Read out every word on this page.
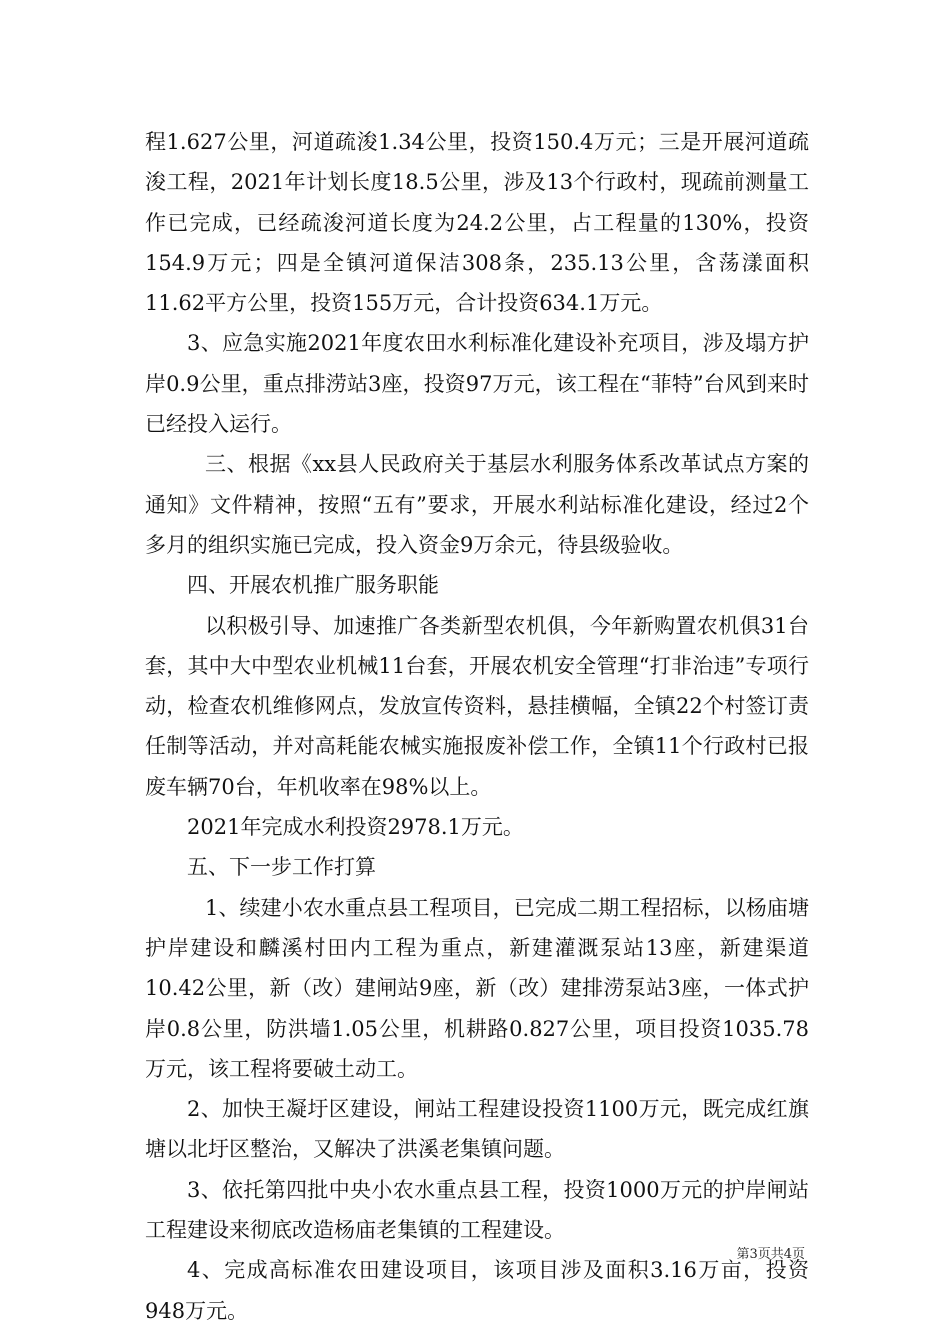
程1.627公里，河道疏浚1.34公里，投资150.4万元；三是开展河道疏浚工程，2021年计划长度18.5公里，涉及13个行政村，现疏前测量工作已完成，已经疏浚河道长度为24.2公里，占工程量的130%，投资154.9万元；四是全镇河道保洁308条，235.13公里，含荡漾面积11.62平方公里，投资155万元，合计投资634.1万元。

3、应急实施2021年度农田水利标准化建设补充项目，涉及塌方护岸0.9公里，重点排涝站3座，投资97万元，该工程在“菲特”台风到来时已经投入运行。

三、根据《xx县人民政府关于基层水利服务体系改革试点方案的通知》文件精神，按照“五有”要求，开展水利站标准化建设，经过2个多月的组织实施已完成，投入资金9万余元，待县级验收。

四、开展农机推广服务职能

以积极引导、加速推广各类新型农机俱，今年新购置农机俱31台套，其中大中型农业机械11台套，开展农机安全管理“打非治违”专项行动，检查农机维修网点，发放宣传资料，悬挂横幅，全镇22个村签订责任制等活动，并对高耗能农械实施报废补偿工作，全镇11个行政村已报废车辆70台，年机收率在98%以上。

2021年完成水利投资2978.1万元。

五、下一步工作打算

1、续建小农水重点县工程项目，已完成二期工程招标，以杨庙塘护岸建设和麟溪村田内工程为重点，新建灌溉泵站13座，新建渠道10.42公里，新（改）建闸站9座，新（改）建排涝泵站3座，一体式护岸0.8公里，防洪墙1.05公里，机耕路0.827公里，项目投资1035.78万元，该工程将要破土动工。

2、加快王凝圩区建设，闸站工程建设投资1100万元，既完成红旗塘以北圩区整治，又解决了洪溪老集镇问题。

3、依托第四批中央小农水重点县工程，投资1000万元的护岸闸站工程建设来彻底改造杨庙老集镇的工程建设。

4、完成高标准农田建设项目，该项目涉及面积3.16万亩，投资948万元。

第3页共4页
